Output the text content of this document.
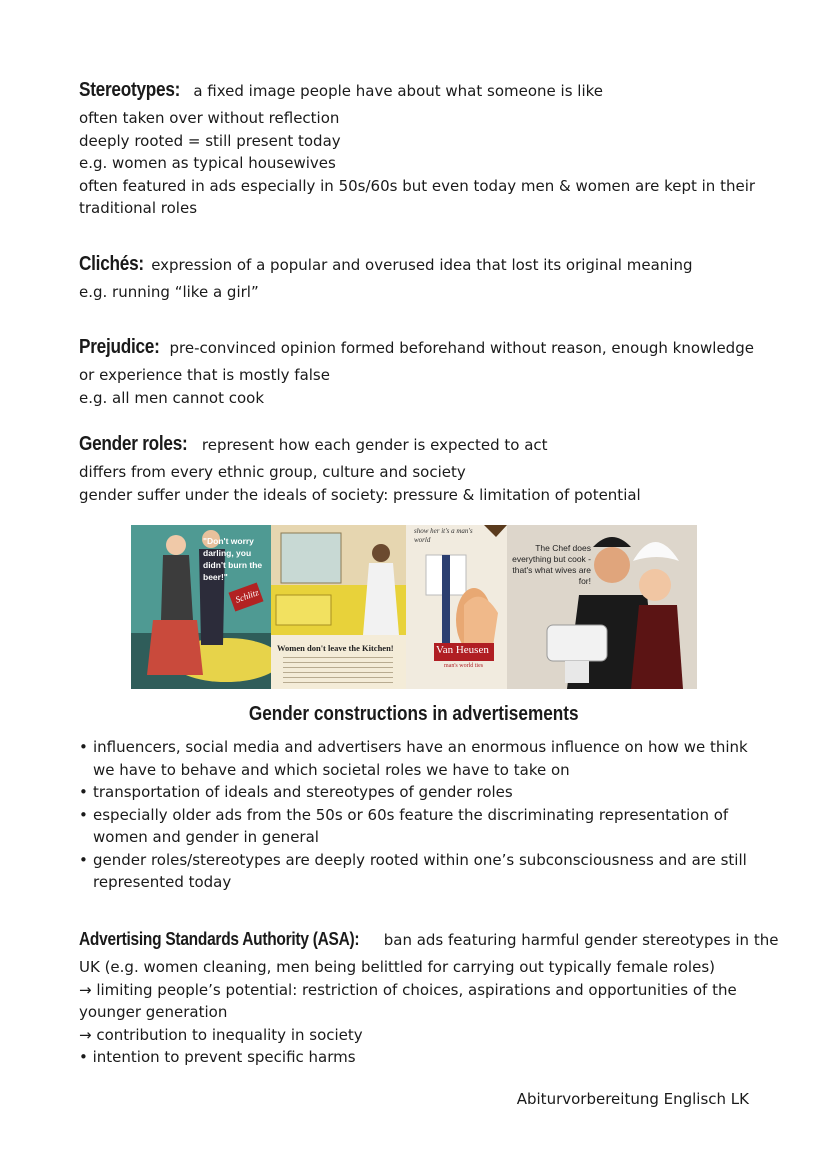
Stereotypes: a fixed image people have about what someone is like
often taken over without reflection
deeply rooted = still present today
e.g. women as typical housewives
often featured in ads especially in 50s/60s but even today men & women are kept in their
traditional roles
Clichés: expression of a popular and overused idea that lost its original meaning
e.g. running “like a girl”
Prejudice: pre-convinced opinion formed beforehand without reason, enough knowledge
or experience that is mostly false
e.g. all men cannot cook
Gender roles: represent how each gender is expected to act
differs from every ethnic group, culture and society
gender suffer under the ideals of society: pressure & limitation of potential
"Don't worry darling, you didn't burn the beer!"
Schlitz
Women don't leave the Kitchen!
show her it's a man's world
Van Heusen
man's world ties
The Chef does everything but cook - that's what wives are for!
Gender constructions in advertisements
• influencers, social media and advertisers have an enormous influence on how we think
we have to behave and which societal roles we have to take on
• transportation of ideals and stereotypes of gender roles
• especially older ads from the 50s or 60s feature the discriminating representation of
women and gender in general
• gender roles/stereotypes are deeply rooted within one’s subconsciousness and are still
represented today
Advertising Standards Authority (ASA): ban ads featuring harmful gender stereotypes in the
UK (e.g. women cleaning, men being belittled for carrying out typically female roles)
→ limiting people’s potential: restriction of choices, aspirations and opportunities of the
younger generation
→ contribution to inequality in society
• intention to prevent specific harms
Abiturvorbereitung Englisch LK
